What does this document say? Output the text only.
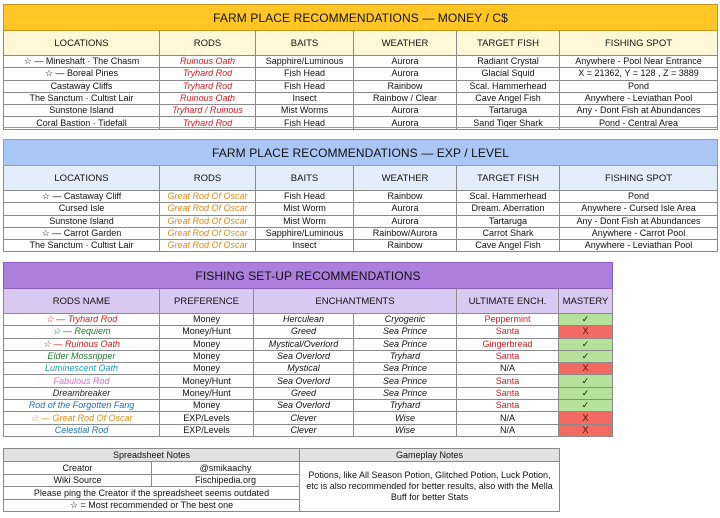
FARM PLACE RECOMMENDATIONS — MONEY / C$					
LOCATIONS	RODS	BAITS	WEATHER	TARGET FISH	FISHING SPOT
☆ — Mineshaft · The Chasm	Ruinous Oath	Sapphire/Luminous	Aurora	Radiant Crystal	Anywhere - Pool Near Entrance
☆ — Boreal Pines	Tryhard Rod	Fish Head	Aurora	Glacial Squid	X = 21362, Y = 128 , Z = 3889
Castaway Cliffs	Tryhard Rod	Fish Head	Rainbow	Scal. Hammerhead	Pond
The Sanctum · Cultist Lair	Ruinous Oath	Insect	Rainbow / Clear	Cave Angel Fish	Anywhere - Leviathan Pool
Sunstone Island	Tryhard / Ruinous	Mist Worms	Aurora	Tartaruga	Any - Dont Fish at Abundances
Coral Bastion · Tidefall	Tryhard Rod	Fish Head	Aurora	Sand Tiger Shark	Pond - Central Area
FARM PLACE RECOMMENDATIONS — EXP / LEVEL					
LOCATIONS	RODS	BAITS	WEATHER	TARGET FISH	FISHING SPOT
☆ — Castaway Cliff	Great Rod Of Oscar	Fish Head	Rainbow	Scal. Hammerhead	Pond
Cursed Isle	Great Rod Of Oscar	Mist Worm	Aurora	Dream. Aberration	Anywhere - Cursed Isle Area
Sunstone Island	Great Rod Of Oscar	Mist Worm	Aurora	Tartaruga	Any - Dont Fish at Abundances
☆ — Carrot Garden	Great Rod Of Oscar	Sapphire/Luminous	Rainbow/Aurora	Carrot Shark	Anywhere - Carrot Pool
The Sanctum · Cultist Lair	Great Rod Of Oscar	Insect	Rainbow	Cave Angel Fish	Anywhere - Leviathan Pool
FISHING SET-UP RECOMMENDATIONS					
RODS NAME	PREFERENCE	ENCHANTMENTS		ULTIMATE ENCH.	MASTERY
☆ — Tryhard Rod	Money	Herculean	Cryogenic	Peppermint	✓
☆ — Requiem	Money/Hunt	Greed	Sea Prince	Santa	X
☆ — Ruinous Oath	Money	Mystical/Overlord	Sea Prince	Gingerbread	✓
Elder Mossripper	Money	Sea Overlord	Tryhard	Santa	✓
Luminescent Oath	Money	Mystical	Sea Prince	N/A	X
Fabulous Rod	Money/Hunt	Sea Overlord	Sea Prince	Santa	✓
Dreambreaker	Money/Hunt	Greed	Sea Prince	Santa	✓
Rod of the Forgotten Fang	Money	Sea Overlord	Tryhard	Santa	✓
☆ — Great Rod Of Oscar	EXP/Levels	Clever	Wise	N/A	X
Celestial Rod	EXP/Levels	Clever	Wise	N/A	X
Spreadsheet Notes		Gameplay Notes
Creator	@smikaachy	Potions, like All Season Potion, Glitched Potion, Luck Potion, etc is also recommended for better results, also with the Mella Buff for better Stats
Wiki Source	Fischipedia.org	
Please ping the Creator if the spreadsheet seems outdated		
☆ = Most recommended or The best one		
